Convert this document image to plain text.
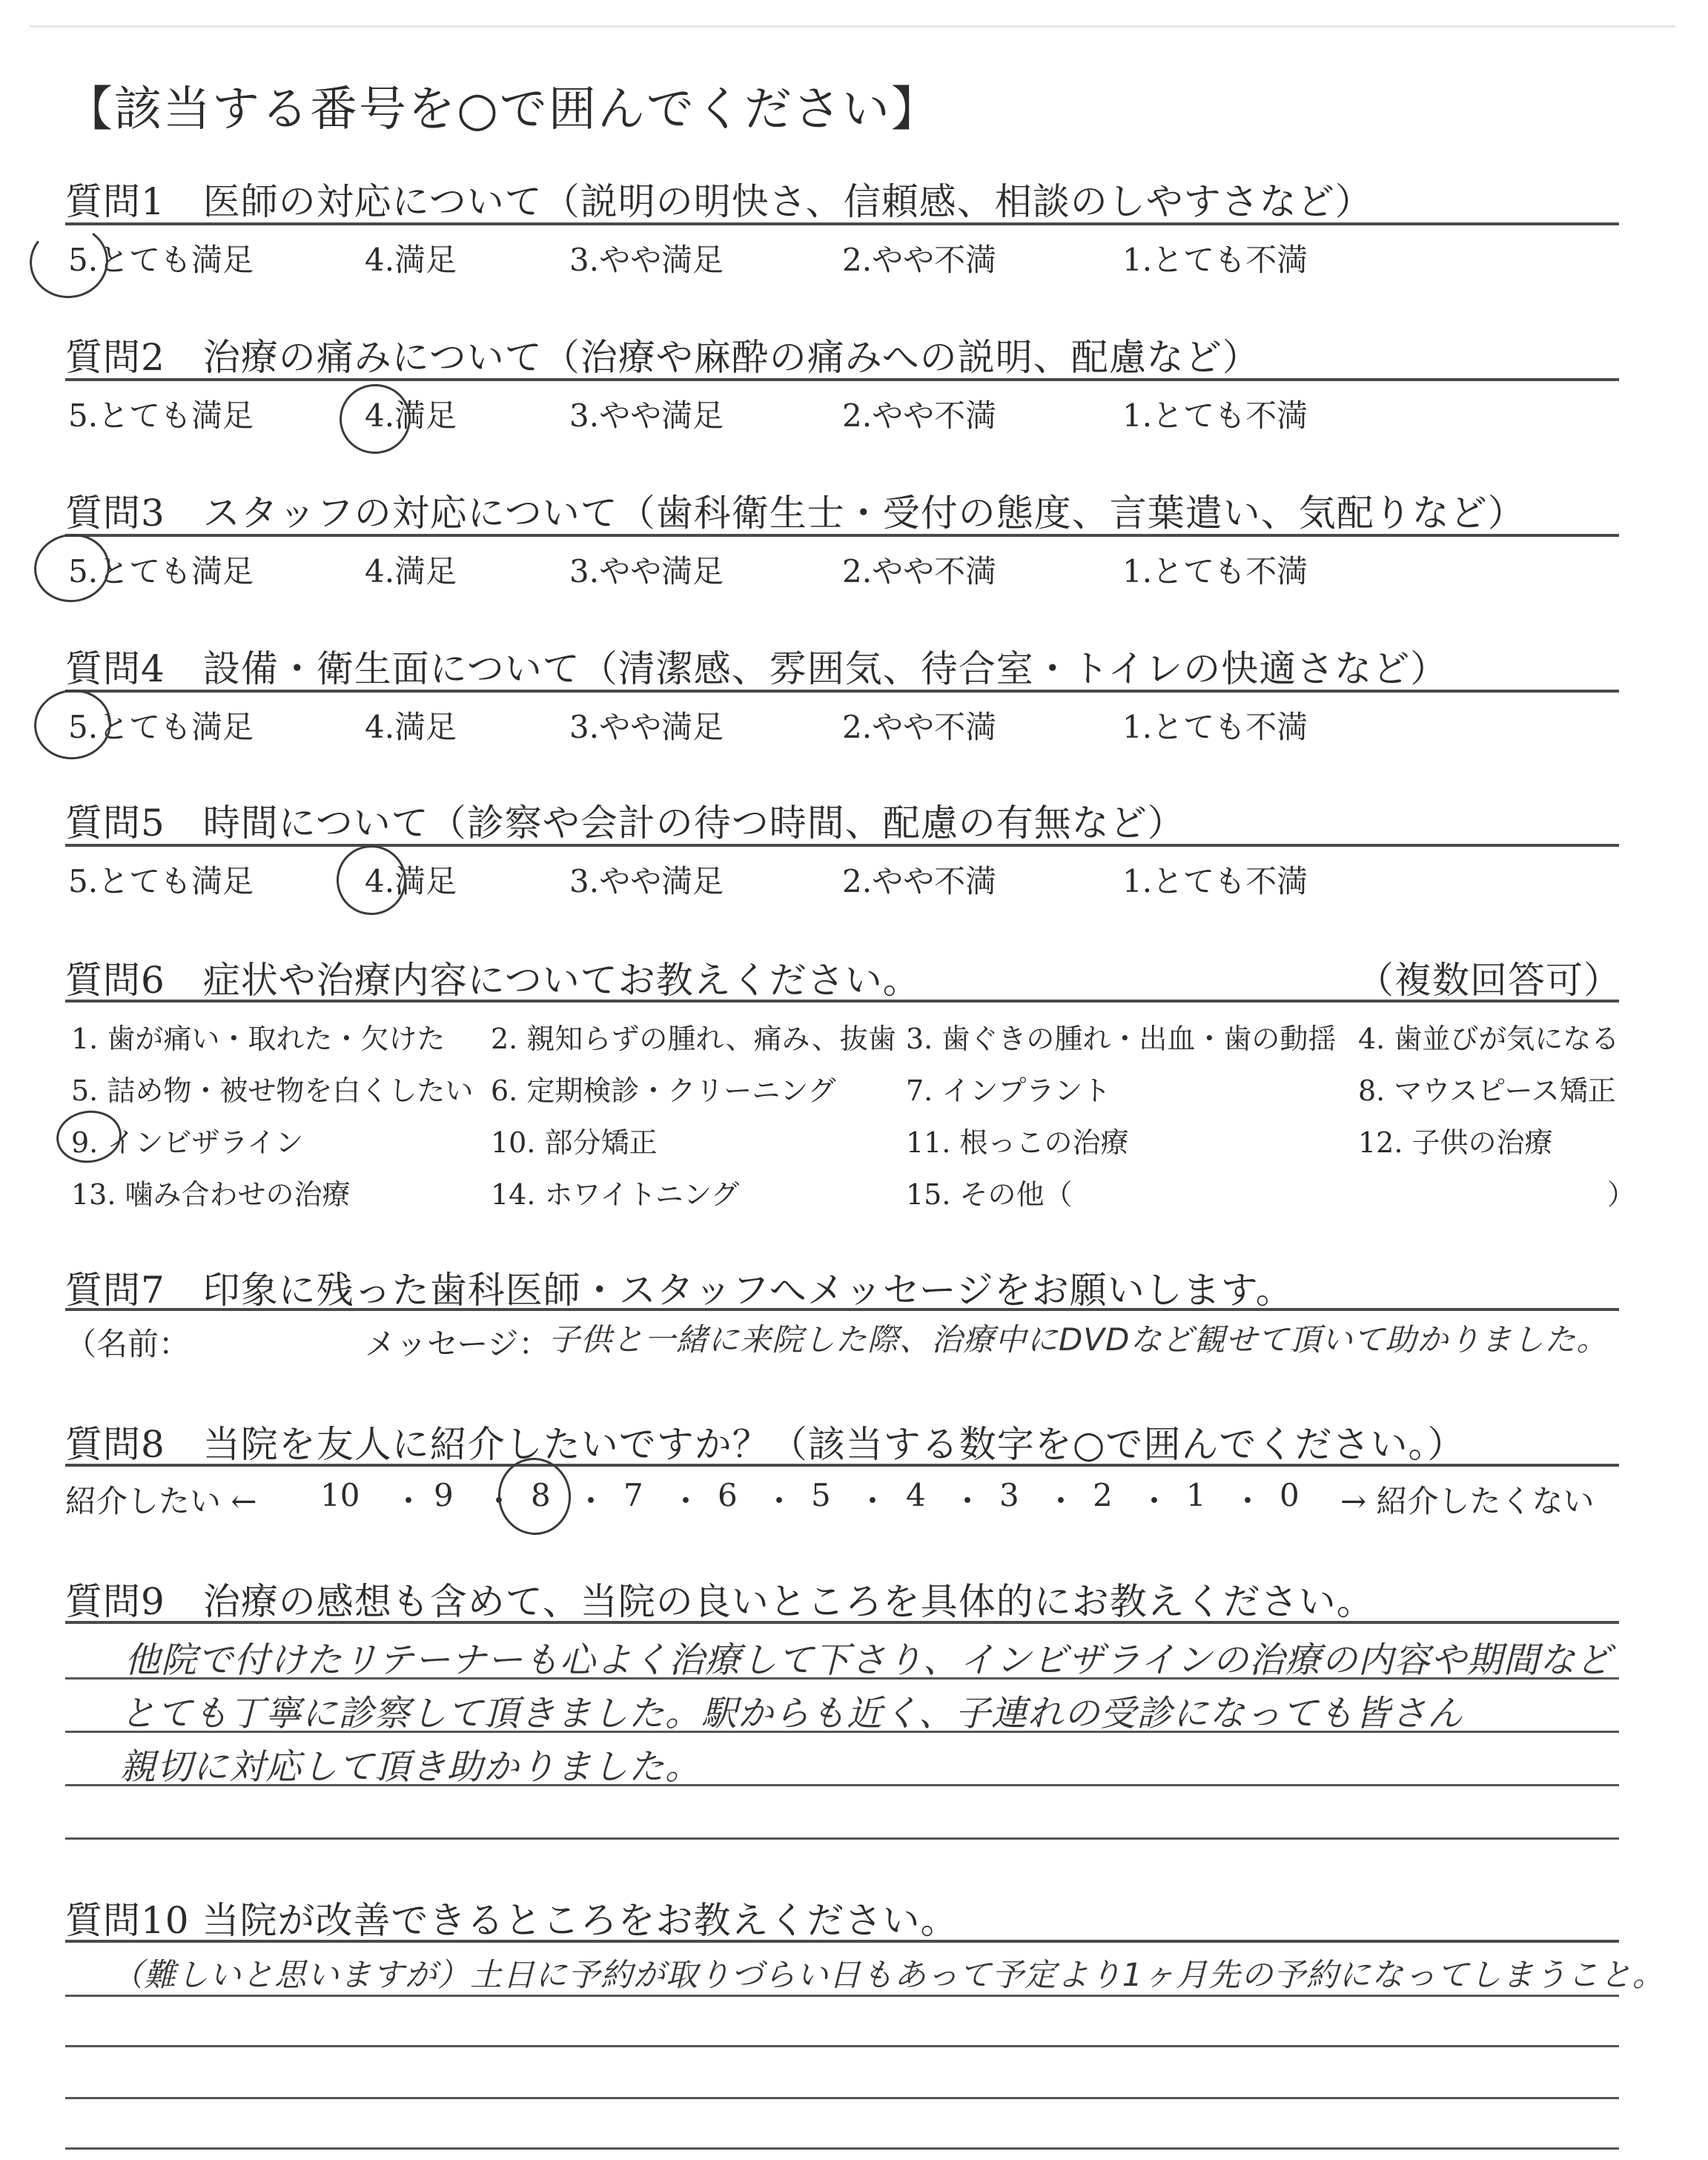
【該当する番号を○で囲んでください】
質問1　医師の対応について（説明の明快さ、信頼感、相談のしやすさなど）
5.とても満足	4.満足	3.やや満足	2.やや不満	1.とても不満
質問2　治療の痛みについて（治療や麻酔の痛みへの説明、配慮など）
5.とても満足	4.満足	3.やや満足	2.やや不満	1.とても不満
質問3　スタッフの対応について（歯科衛生士・受付の態度、言葉遣い、気配りなど）
5.とても満足	4.満足	3.やや満足	2.やや不満	1.とても不満
質問4　設備・衛生面について（清潔感、雰囲気、待合室・トイレの快適さなど）
5.とても満足	4.満足	3.やや満足	2.やや不満	1.とても不満
質問5　時間について（診察や会計の待つ時間、配慮の有無など）
5.とても満足	4.満足	3.やや満足	2.やや不満	1.とても不満
質問6　症状や治療内容についてお教えください。	（複数回答可）
1. 歯が痛い・取れた・欠けた 2. 親知らずの腫れ、痛み、抜歯 3. 歯ぐきの腫れ・出血・歯の動揺 4. 歯並びが気になる
5. 詰め物・被せ物を白くしたい 6. 定期検診・クリーニング 7. インプラント	8. マウスピース矯正
9. インビザライン	10. 部分矯正	11. 根っこの治療	12. 子供の治療
13. 噛み合わせの治療	14. ホワイトニング	15. その他（	）
質問7　印象に残った歯科医師・スタッフへメッセージをお願いします。
（名前：	メッセージ：
子供と一緒に来院した際、治療中にDVDなど観せて頂いて助かりました。
質問8　当院を友人に紹介したいですか？（該当する数字を○で囲んでください。）
紹介したい ← 10 9 8 7 6 5 4 3 2 1 0
・ ・ ・ ・ ・ ・ ・ ・ ・ ・ → 紹介したくない
質問9　治療の感想も含めて、当院の良いところを具体的にお教えください。
他院で付けたリテーナーも心よく治療して下さり、インビザラインの治療の内容や期間など
とても丁寧に診察して頂きました。駅からも近く、子連れの受診になっても皆さん
親切に対応して頂き助かりました。
質問10 当院が改善できるところをお教えください。
（難しいと思いますが）土日に予約が取りづらい日もあって予定より1ヶ月先の予約になってしまうこと。
